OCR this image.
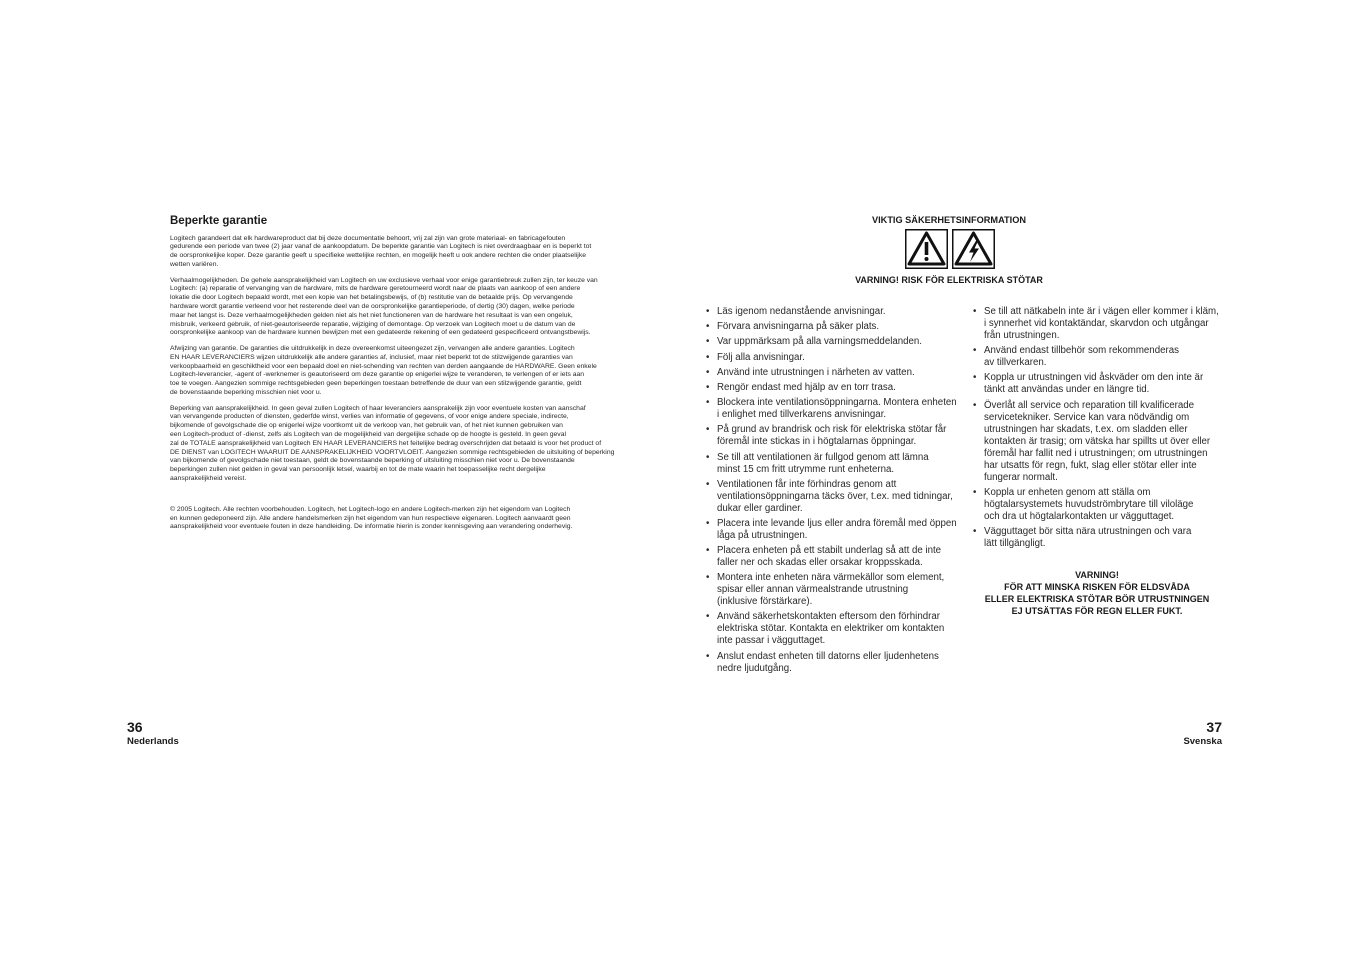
Beperkte garantie
Logitech garandeert dat elk hardwareproduct dat bij deze documentatie behoort, vrij zal zijn van grote materiaal- en fabricagefouten
gedurende een periode van twee (2) jaar vanaf de aankoopdatum. De beperkte garantie van Logitech is niet overdraagbaar en is beperkt tot
de oorspronkelijke koper. Deze garantie geeft u specifieke wettelijke rechten, en mogelijk heeft u ook andere rechten die onder plaatselijke
wetten variëren.
Verhaalmogelijkheden. De gehele aansprakelijkheid van Logitech en uw exclusieve verhaal voor enige garantiebreuk zullen zijn, ter keuze van
Logitech: (a) reparatie of vervanging van de hardware, mits de hardware geretourneerd wordt naar de plaats van aankoop of een andere
lokatie die door Logitech bepaald wordt, met een kopie van het betalingsbewijs, of (b) restitutie van de betaalde prijs. Op vervangende
hardware wordt garantie verleend voor het resterende deel van de oorspronkelijke garantieperiode, of dertig (30) dagen, welke periode
maar het langst is. Deze verhaalmogelijkheden gelden niet als het niet functioneren van de hardware het resultaat is van een ongeluk,
misbruik, verkeerd gebruik, of niet-geautoriseerde reparatie, wijziging of demontage. Op verzoek van Logitech moet u de datum van de
oorspronkelijke aankoop van de hardware kunnen bewijzen met een gedateerde rekening of een gedateerd gespecificeerd ontvangstbewijs.
Afwijzing van garantie. De garanties die uitdrukkelijk in deze overeenkomst uiteengezet zijn, vervangen alle andere garanties. Logitech
EN HAAR LEVERANCIERS wijzen uitdrukkelijk alle andere garanties af, inclusief, maar niet beperkt tot de stilzwijgende garanties van
verkoopbaarheid en geschiktheid voor een bepaald doel en niet-schending van rechten van derden aangaande de HARDWARE. Geen enkele
Logitech-leverancier, -agent of -werknemer is geautoriseerd om deze garantie op enigerlei wijze te veranderen, te verlengen of er iets aan
toe te voegen. Aangezien sommige rechtsgebieden geen beperkingen toestaan betreffende de duur van een stilzwijgende garantie, geldt
de bovenstaande beperking misschien niet voor u.
Beperking van aansprakelijkheid. In geen geval zullen Logitech of haar leveranciers aansprakelijk zijn voor eventuele kosten van aanschaf
van vervangende producten of diensten, gederfde winst, verlies van informatie of gegevens, of voor enige andere speciale, indirecte,
bijkomende of gevolgschade die op enigerlei wijze voortkomt uit de verkoop van, het gebruik van, of het niet kunnen gebruiken van
een Logitech-product of -dienst, zelfs als Logitech van de mogelijkheid van dergelijke schade op de hoogte is gesteld. In geen geval
zal de TOTALE aansprakelijkheid van Logitech EN HAAR LEVERANCIERS het feitelijke bedrag overschrijden dat betaald is voor het product of
DE DIENST van LOGITECH WAARUIT DE AANSPRAKELIJKHEID VOORTVLOEIT. Aangezien sommige rechtsgebieden de uitsluiting of beperking
van bijkomende of gevolgschade niet toestaan, geldt de bovenstaande beperking of uitsluiting misschien niet voor u. De bovenstaande
beperkingen zullen niet gelden in geval van persoonlijk letsel, waarbij en tot de mate waarin het toepasselijke recht dergelijke
aansprakelijkheid vereist.
© 2005 Logitech. Alle rechten voorbehouden. Logitech, het Logitech-logo en andere Logitech-merken zijn het eigendom van Logitech
en kunnen gedeponeerd zijn. Alle andere handelsmerken zijn het eigendom van hun respectieve eigenaren. Logitech aanvaardt geen
aansprakelijkheid voor eventuele fouten in deze handleiding. De informatie hierin is zonder kennisgeving aan verandering onderhevig.
36
Nederlands
VIKTIG SÄKERHETSINFORMATION
VARNING! RISK FÖR ELEKTRISKA STÖTAR
• Läs igenom nedanstående anvisningar.
• Förvara anvisningarna på säker plats.
• Var uppmärksam på alla varningsmeddelanden.
• Följ alla anvisningar.
• Använd inte utrustningen i närheten av vatten.
• Rengör endast med hjälp av en torr trasa.
• Blockera inte ventilationsöppningarna. Montera enheten
i enlighet med tillverkarens anvisningar.
• På grund av brandrisk och risk för elektriska stötar får
föremål inte stickas in i högtalarnas öppningar.
• Se till att ventilationen är fullgod genom att lämna
minst 15 cm fritt utrymme runt enheterna.
• Ventilationen får inte förhindras genom att
ventilationsöppningarna täcks över, t.ex. med tidningar,
dukar eller gardiner.
• Placera inte levande ljus eller andra föremål med öppen
låga på utrustningen.
• Placera enheten på ett stabilt underlag så att de inte
faller ner och skadas eller orsakar kroppsskada.
• Montera inte enheten nära värmekällor som element,
spisar eller annan värmealstrande utrustning
(inklusive förstärkare).
• Använd säkerhetskontakten eftersom den förhindrar
elektriska stötar. Kontakta en elektriker om kontakten
inte passar i vägguttaget.
• Anslut endast enheten till datorns eller ljudenhetens
nedre ljudutgång.
• Se till att nätkabeln inte är i vägen eller kommer i kläm,
i synnerhet vid kontaktändar, skarvdon och utgångar
från utrustningen.
• Använd endast tillbehör som rekommenderas
av tillverkaren.
• Koppla ur utrustningen vid åskväder om den inte är
tänkt att användas under en längre tid.
• Överlåt all service och reparation till kvalificerade
servicetekniker. Service kan vara nödvändig om
utrustningen har skadats, t.ex. om sladden eller
kontakten är trasig; om vätska har spillts ut över eller
föremål har fallit ned i utrustningen; om utrustningen
har utsatts för regn, fukt, slag eller stötar eller inte
fungerar normalt.
• Koppla ur enheten genom att ställa om
högtalarsystemets huvudströmbrytare till viloläge
och dra ut högtalarkontakten ur vägguttaget.
• Vägguttaget bör sitta nära utrustningen och vara
lätt tillgängligt.
VARNING!
FÖR ATT MINSKA RISKEN FÖR ELDSVÅDA
ELLER ELEKTRISKA STÖTAR BÖR UTRUSTNINGEN
EJ UTSÄTTAS FÖR REGN ELLER FUKT.
37
Svenska
